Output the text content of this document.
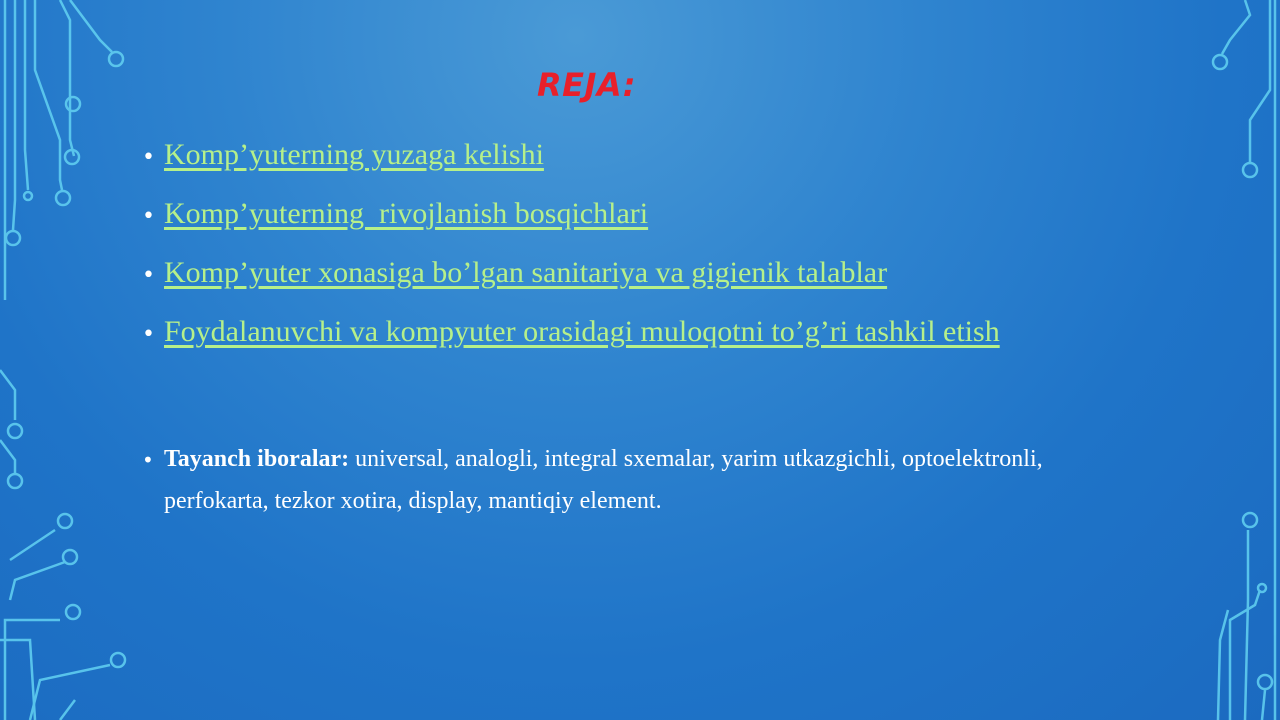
REJA:
• Komp’yuterning yuzaga kelishi
• Komp’yuterning  rivojlanish bosqichlari
• Komp’yuter xonasiga bo’lgan sanitariya va gigienik talablar
• Foydalanuvchi va kompyuter orasidagi muloqotni to’g’ri tashkil etish
• Tayanch iboralar: universal, analogli, integral sxemalar, yarim utkazgichli, optoelektronli, perfokarta, tezkor xotira, display, mantiqiy element.
